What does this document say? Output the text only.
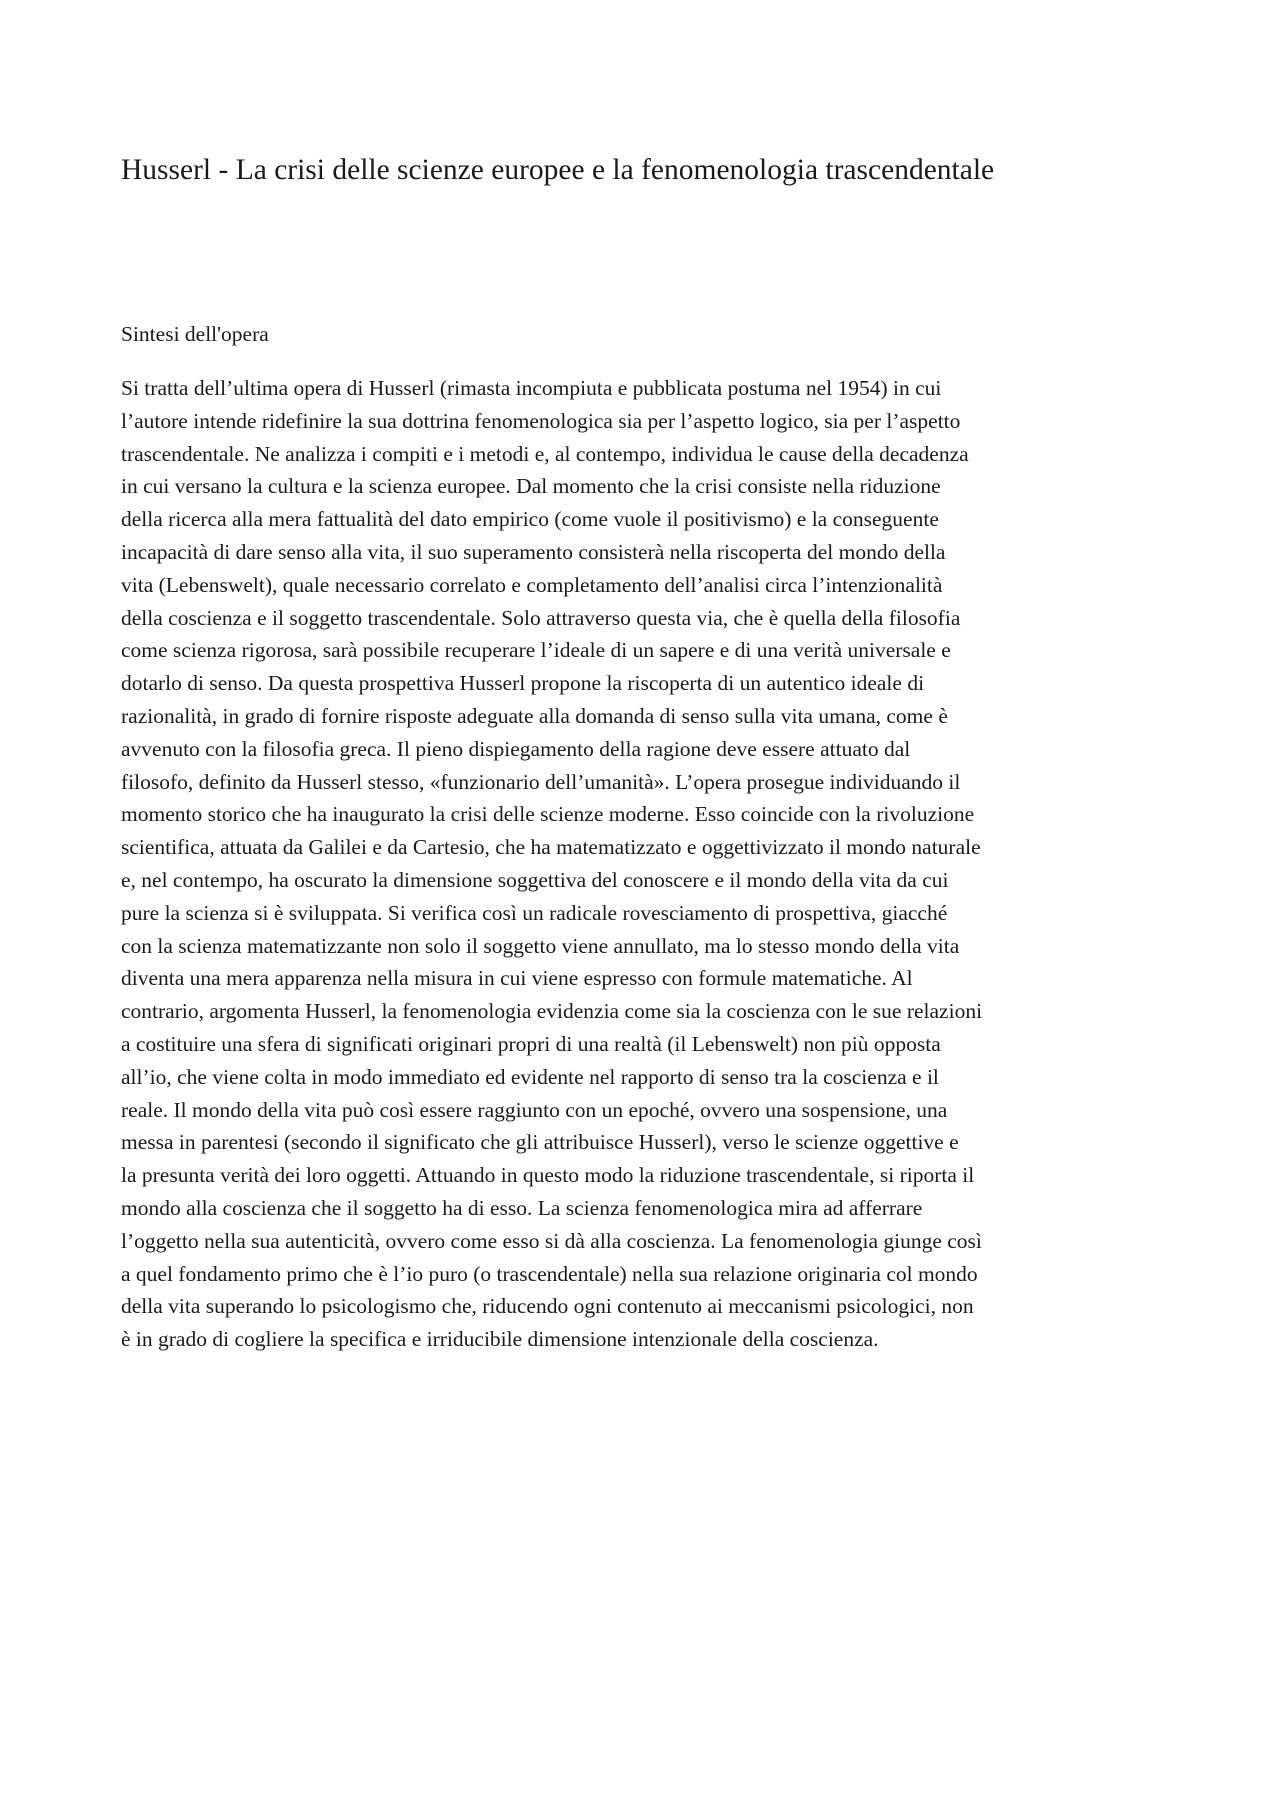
Husserl - La crisi delle scienze europee e la fenomenologia trascendentale
Sintesi dell'opera
Si tratta dell’ultima opera di Husserl (rimasta incompiuta e pubblicata postuma nel 1954) in cui
l’autore intende ridefinire la sua dottrina fenomenologica sia per l’aspetto logico, sia per l’aspetto
trascendentale. Ne analizza i compiti e i metodi e, al contempo, individua le cause della decadenza
in cui versano la cultura e la scienza europee. Dal momento che la crisi consiste nella riduzione
della ricerca alla mera fattualità del dato empirico (come vuole il positivismo) e la conseguente
incapacità di dare senso alla vita, il suo superamento consisterà nella riscoperta del mondo della
vita (Lebenswelt), quale necessario correlato e completamento dell’analisi circa l’intenzionalità
della coscienza e il soggetto trascendentale. Solo attraverso questa via, che è quella della filosofia
come scienza rigorosa, sarà possibile recuperare l’ideale di un sapere e di una verità universale e
dotarlo di senso. Da questa prospettiva Husserl propone la riscoperta di un autentico ideale di
razionalità, in grado di fornire risposte adeguate alla domanda di senso sulla vita umana, come è
avvenuto con la filosofia greca. Il pieno dispiegamento della ragione deve essere attuato dal
filosofo, definito da Husserl stesso, «funzionario dell’umanità». L’opera prosegue individuando il
momento storico che ha inaugurato la crisi delle scienze moderne. Esso coincide con la rivoluzione
scientifica, attuata da Galilei e da Cartesio, che ha matematizzato e oggettivizzato il mondo naturale
e, nel contempo, ha oscurato la dimensione soggettiva del conoscere e il mondo della vita da cui
pure la scienza si è sviluppata. Si verifica così un radicale rovesciamento di prospettiva, giacché
con la scienza matematizzante non solo il soggetto viene annullato, ma lo stesso mondo della vita
diventa una mera apparenza nella misura in cui viene espresso con formule matematiche. Al
contrario, argomenta Husserl, la fenomenologia evidenzia come sia la coscienza con le sue relazioni
a costituire una sfera di significati originari propri di una realtà (il Lebenswelt) non più opposta
all’io, che viene colta in modo immediato ed evidente nel rapporto di senso tra la coscienza e il
reale. Il mondo della vita può così essere raggiunto con un epoché, ovvero una sospensione, una
messa in parentesi (secondo il significato che gli attribuisce Husserl), verso le scienze oggettive e
la presunta verità dei loro oggetti. Attuando in questo modo la riduzione trascendentale, si riporta il
mondo alla coscienza che il soggetto ha di esso. La scienza fenomenologica mira ad afferrare
l’oggetto nella sua autenticità, ovvero come esso si dà alla coscienza. La fenomenologia giunge così
a quel fondamento primo che è l’io puro (o trascendentale) nella sua relazione originaria col mondo
della vita superando lo psicologismo che, riducendo ogni contenuto ai meccanismi psicologici, non
è in grado di cogliere la specifica e irriducibile dimensione intenzionale della coscienza.
